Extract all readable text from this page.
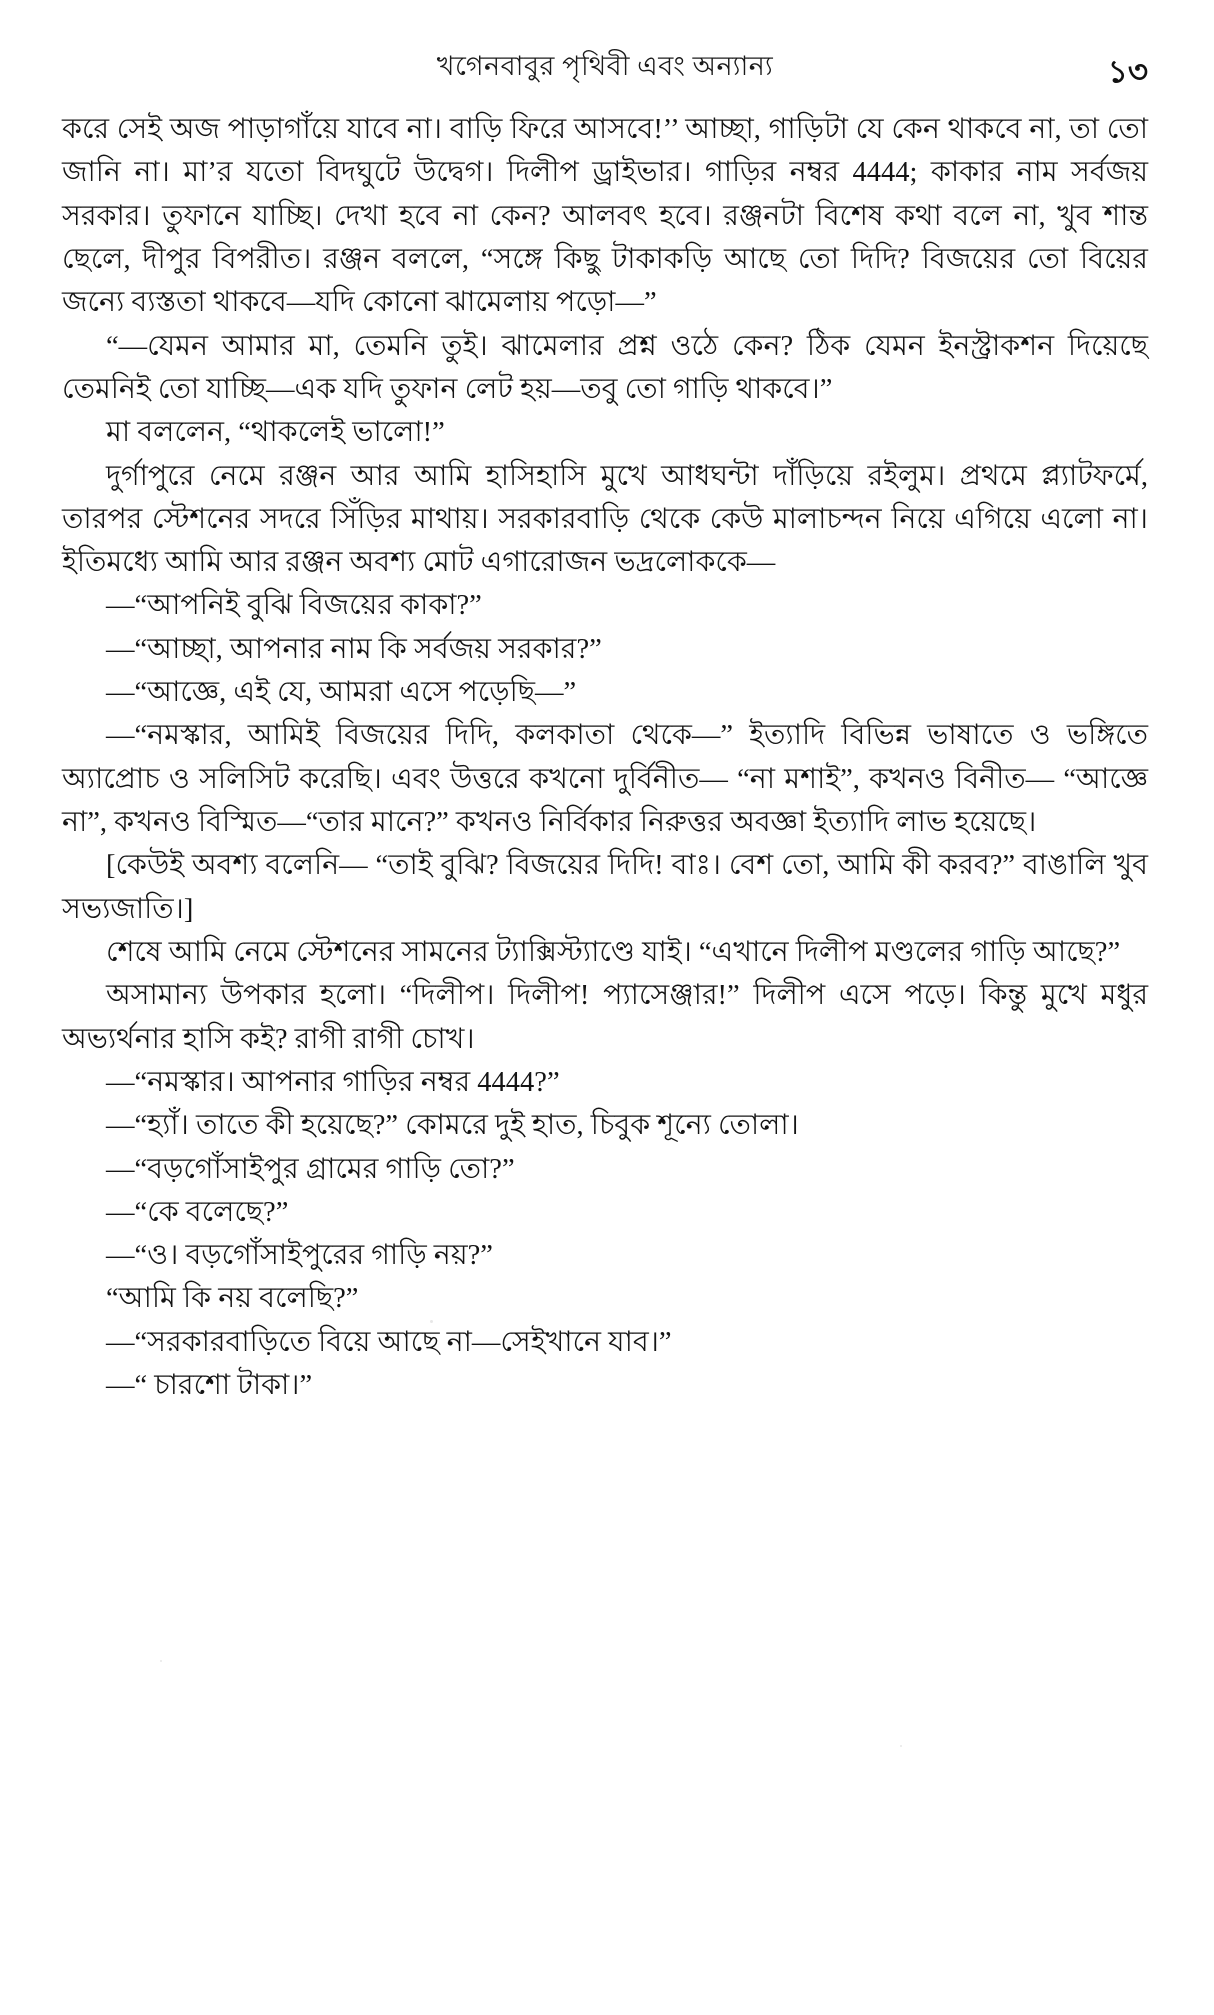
খগেনবাবুর পৃথিবী এবং অন্যান্য	১৩

করে সেই অজ পাড়াগাঁয়ে যাবে না। বাড়ি ফিরে আসবে!’’ আচ্ছা, গাড়িটা যে কেন থাকবে না, তা তো জানি না। মা’র যতো বিদঘুটে উদ্বেগ। দিলীপ ড্রাইভার। গাড়ির নম্বর 4444; কাকার নাম সর্বজয় সরকার। তুফানে যাচ্ছি। দেখা হবে না কেন? আলবৎ হবে। রঞ্জনটা বিশেষ কথা বলে না, খুব শান্ত ছেলে, দীপুর বিপরীত। রঞ্জন বললে, “সঙ্গে কিছু টাকাকড়ি আছে তো দিদি? বিজয়ের তো বিয়ের জন্যে ব্যস্ততা থাকবে—যদি কোনো ঝামেলায় পড়ো—”

“—যেমন আমার মা, তেমনি তুই। ঝামেলার প্রশ্ন ওঠে কেন? ঠিক যেমন ইনস্ট্রাকশন দিয়েছে তেমনিই তো যাচ্ছি—এক যদি তুফান লেট হয়—তবু তো গাড়ি থাকবে।”

মা বললেন, “থাকলেই ভালো!”

দুর্গাপুরে নেমে রঞ্জন আর আমি হাসিহাসি মুখে আধঘন্টা দাঁড়িয়ে রইলুম। প্রথমে প্ল্যাটফর্মে, তারপর স্টেশনের সদরে সিঁড়ির মাথায়। সরকারবাড়ি থেকে কেউ মালাচন্দন নিয়ে এগিয়ে এলো না। ইতিমধ্যে আমি আর রঞ্জন অবশ্য মোট এগারোজন ভদ্রলোককে—

—“আপনিই বুঝি বিজয়ের কাকা?”

—“আচ্ছা, আপনার নাম কি সর্বজয় সরকার?”

—“আজ্ঞে, এই যে, আমরা এসে পড়েছি—”

—“নমস্কার, আমিই বিজয়ের দিদি, কলকাতা থেকে—” ইত্যাদি বিভিন্ন ভাষাতে ও ভঙ্গিতে অ্যাপ্রোচ ও সলিসিট করেছি। এবং উত্তরে কখনো দুর্বিনীত— “না মশাই”, কখনও বিনীত— “আজ্ঞে না”, কখনও বিস্মিত—“তার মানে?” কখনও নির্বিকার নিরুত্তর অবজ্ঞা ইত্যাদি লাভ হয়েছে।

[কেউই অবশ্য বলেনি— “তাই বুঝি? বিজয়ের দিদি! বাঃ। বেশ তো, আমি কী করব?” বাঙালি খুব সভ্যজাতি।]

শেষে আমি নেমে স্টেশনের সামনের ট্যাক্সিস্ট্যাণ্ডে যাই। “এখানে দিলীপ মণ্ডলের গাড়ি আছে?”

অসামান্য উপকার হলো। “দিলীপ। দিলীপ! প্যাসেঞ্জার!” দিলীপ এসে পড়ে। কিন্তু মুখে মধুর অভ্যর্থনার হাসি কই? রাগী রাগী চোখ।

—“নমস্কার। আপনার গাড়ির নম্বর 4444?”

—“হ্যাঁ। তাতে কী হয়েছে?” কোমরে দুই হাত, চিবুক শূন্যে তোলা।

—“বড়গোঁসাইপুর গ্রামের গাড়ি তো?”

—“কে বলেছে?”

—“ও। বড়গোঁসাইপুরের গাড়ি নয়?”

“আমি কি নয় বলেছি?”

—“সরকারবাড়িতে বিয়ে আছে না—সেইখানে যাব।”

—“ চারশো টাকা।”
